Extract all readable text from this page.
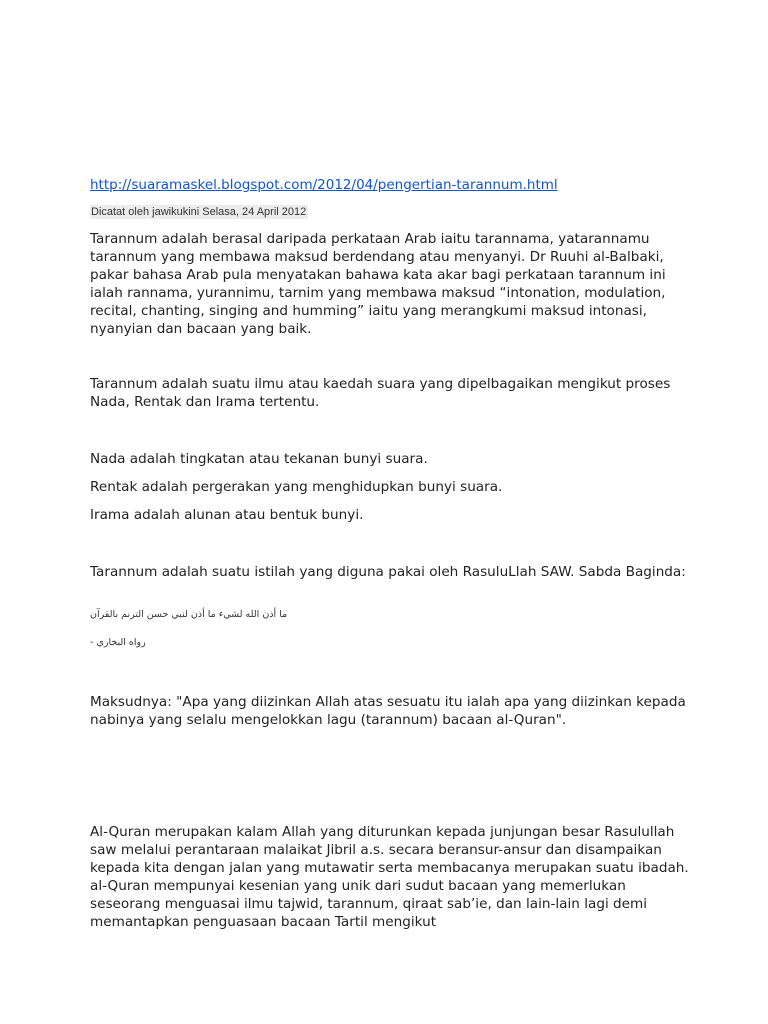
http://suaramaskel.blogspot.com/2012/04/pengertian-tarannum.html
Dicatat oleh jawikukini Selasa, 24 April 2012

Tarannum adalah berasal daripada perkataan Arab iaitu tarannama, yatarannamu tarannum yang membawa maksud berdendang atau menyanyi. Dr Ruuhi al-Balbaki, pakar bahasa Arab pula menyatakan bahawa kata akar bagi perkataan tarannum ini ialah rannama, yurannimu, tarnim yang membawa maksud “intonation, modulation, recital, chanting, singing and humming” iaitu yang merangkumi maksud intonasi, nyanyian dan bacaan yang baik.

Tarannum adalah suatu ilmu atau kaedah suara yang dipelbagaikan mengikut proses Nada, Rentak dan Irama tertentu.

Nada adalah tingkatan atau tekanan bunyi suara.

Rentak adalah pergerakan yang menghidupkan bunyi suara.

Irama adalah alunan atau bentuk bunyi.

Tarannum adalah suatu istilah yang diguna pakai oleh RasuluLlah SAW. Sabda Baginda:

ما أذن الله لشيء ما أذن لنبي حسن الترنم بالقرآن

رواه البخاري -

Maksudnya: "Apa yang diizinkan Allah atas sesuatu itu ialah apa yang diizinkan kepada nabinya yang selalu mengelokkan lagu (tarannum) bacaan al-Quran".

Al-Quran merupakan kalam Allah yang diturunkan kepada junjungan besar Rasulullah saw melalui perantaraan malaikat Jibril a.s. secara beransur-ansur dan disampaikan kepada kita dengan jalan yang mutawatir serta membacanya merupakan suatu ibadah. al-Quran mempunyai kesenian yang unik dari sudut bacaan yang memerlukan seseorang menguasai ilmu tajwid, tarannum, qiraat sab’ie, dan lain-lain lagi demi memantapkan penguasaan bacaan Tartil mengikut
